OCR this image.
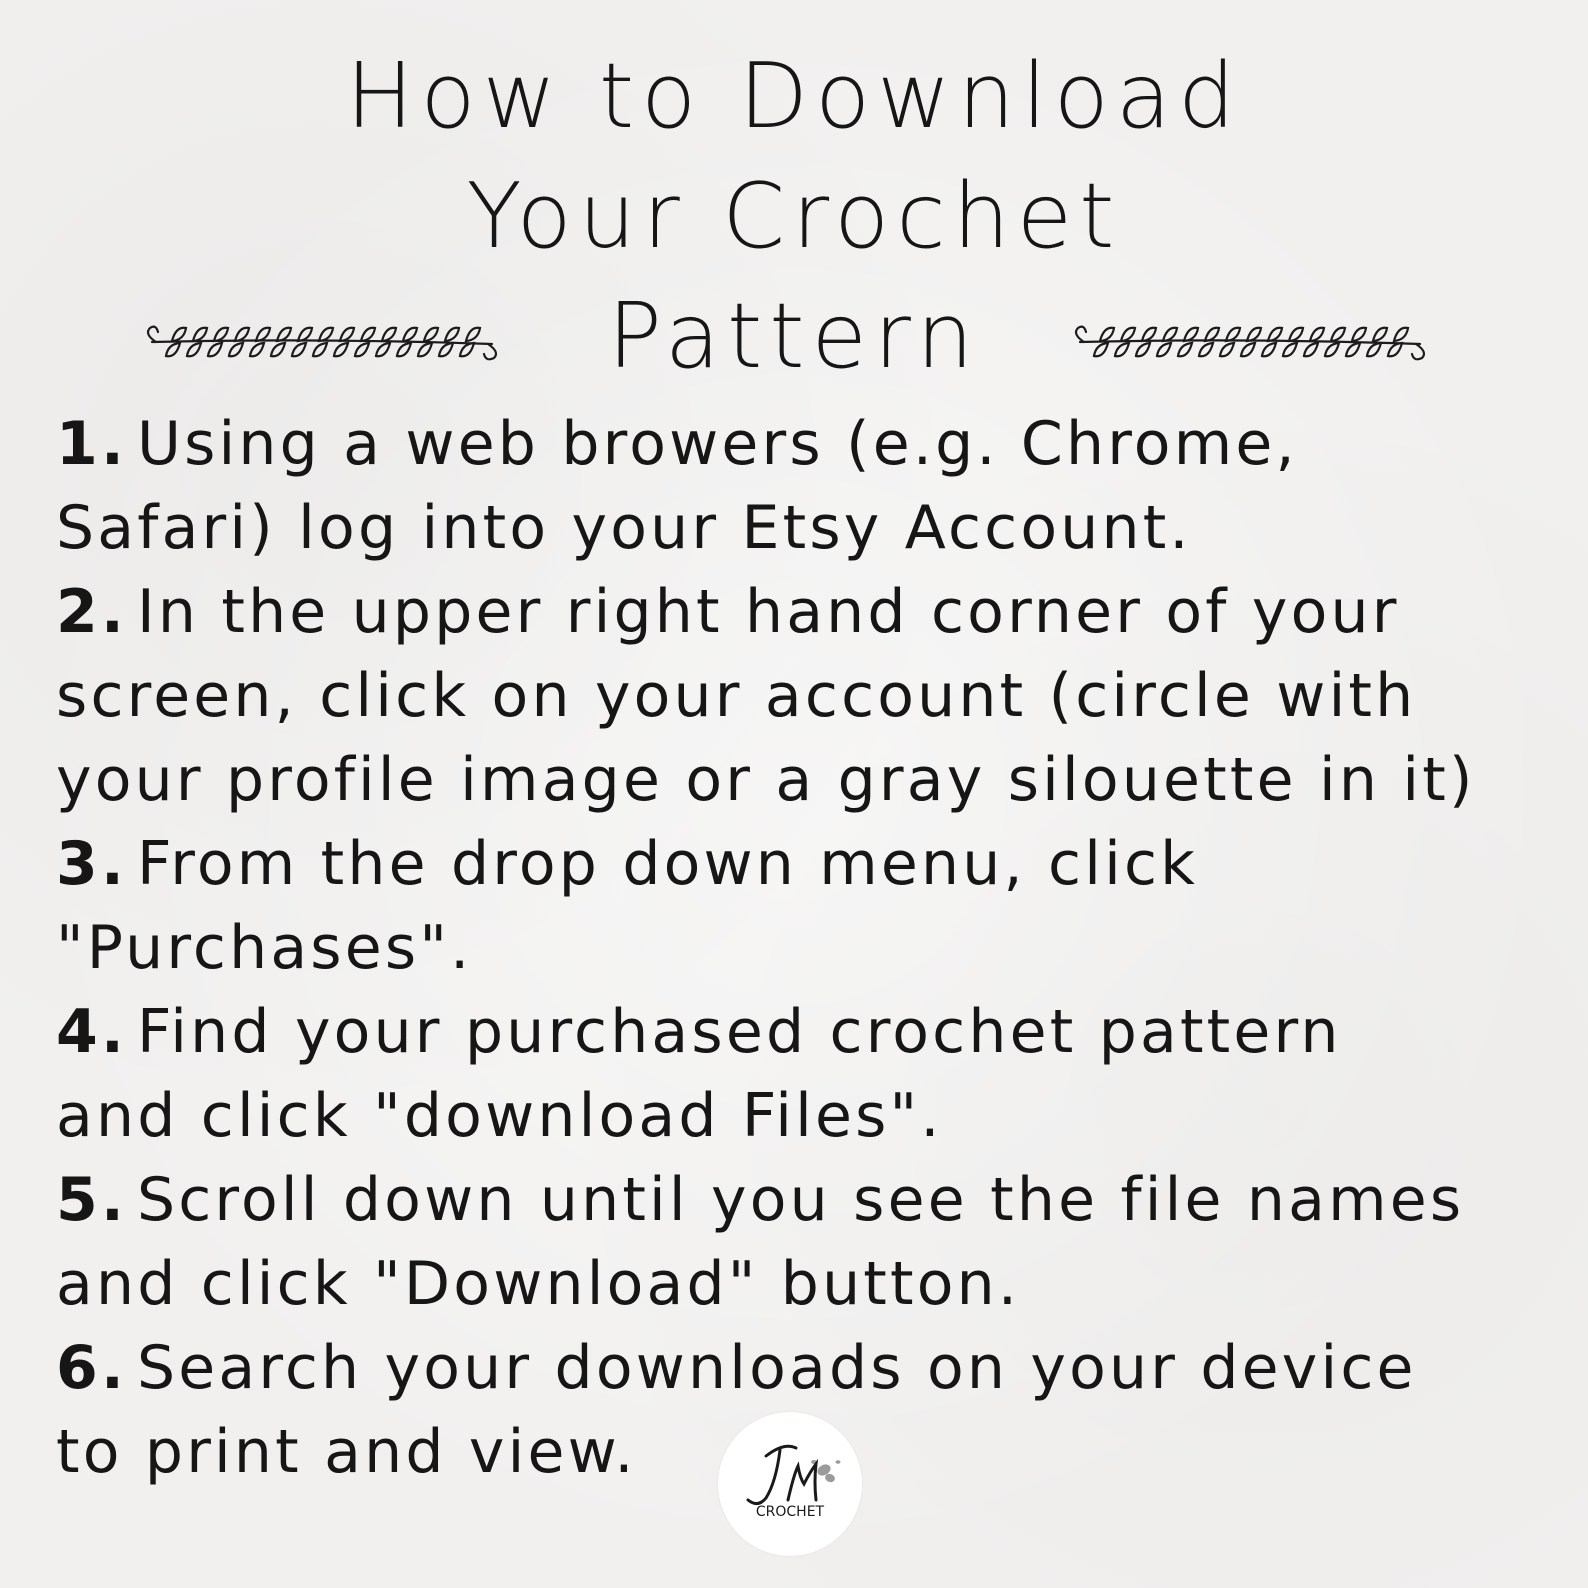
How to Download
Your Crochet
Pattern
1. Using a web browers (e.g. Chrome,
Safari) log into your Etsy Account.
2. In the upper right hand corner of your
screen, click on your account (circle with
your profile image or a gray silouette in it)
3. From the drop down menu, click
"Purchases".
4. Find your purchased crochet pattern
and click "download Files".
5. Scroll down until you see the file names
and click "Download" button.
6. Search your downloads on your device
to print and view.
CROCHET
